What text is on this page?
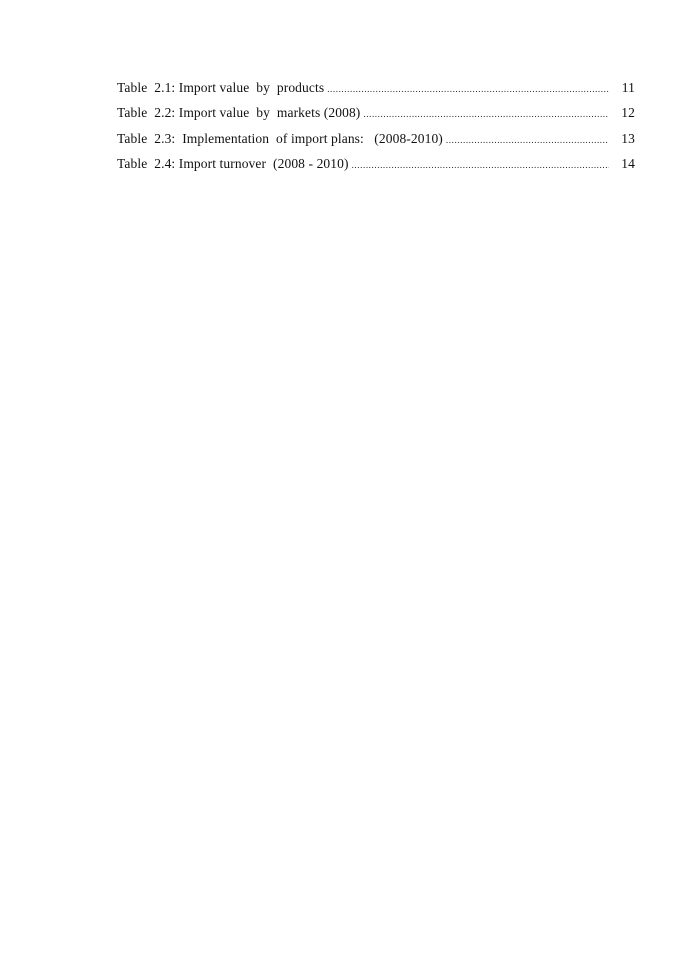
Table  2.1: Import value  by  products .....	11
Table  2.2: Import value  by  markets (2008) .....	12
Table  2.3:  Implementation  of import plans:   (2008-2010) .....	13
Table  2.4: Import turnover  (2008 - 2010) .....	14
